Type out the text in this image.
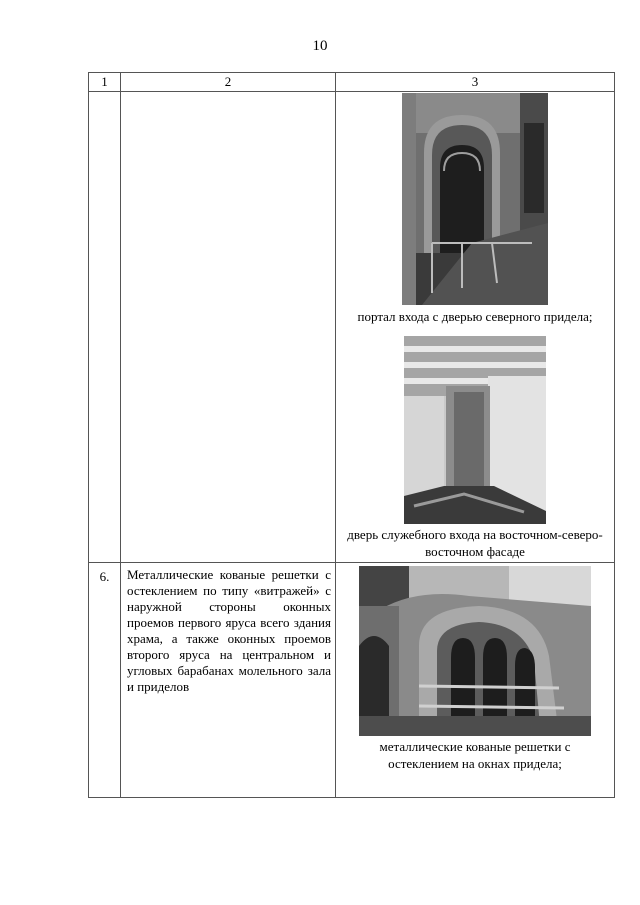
10
1	2	3

		портал входа с дверью северного придела;
дверь служебного входа на восточном-северо-восточном фасаде

6.	Металлические кованые решетки с остеклением по типу «витражей» с наружной стороны оконных проемов первого яруса всего здания храма, а также оконных проемов второго яруса на центральном и угловых барабанах молельного зала и приделов	металлические кованые решетки с остеклением на окнах придела;
